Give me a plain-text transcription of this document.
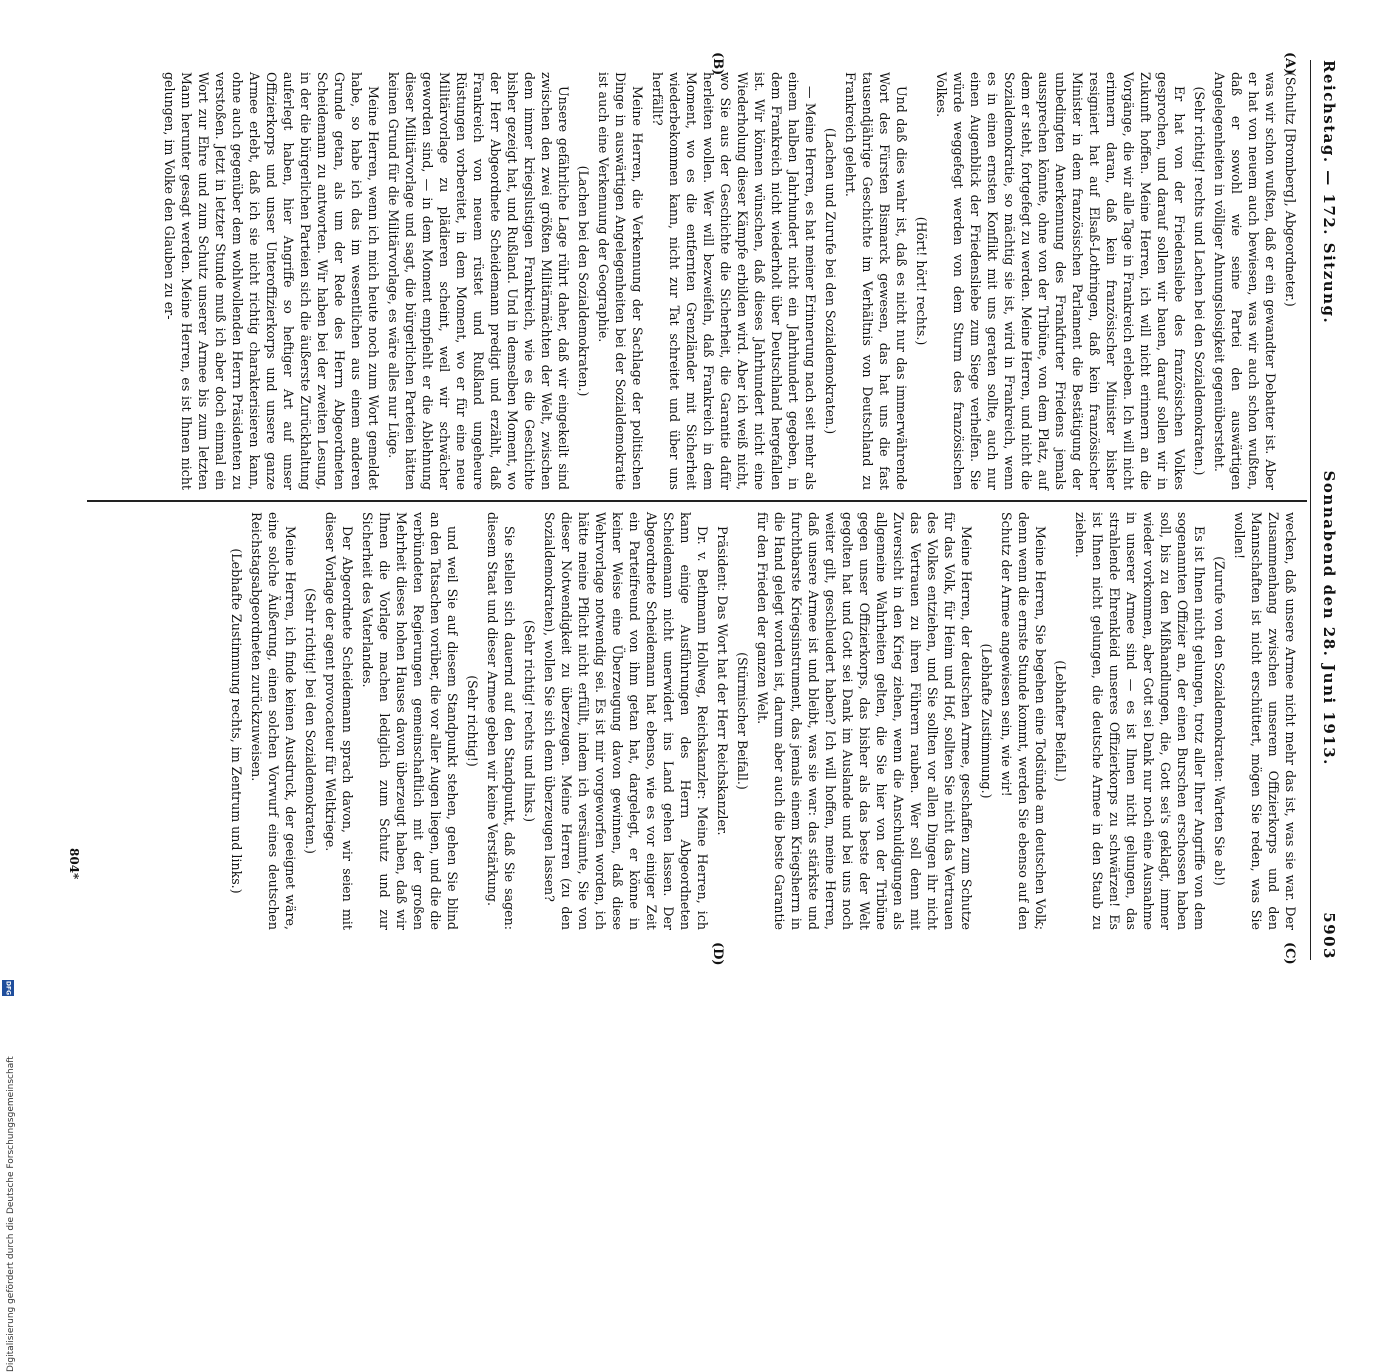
Reichstag. — 172. Sitzung.
Sonnabend den 28. Juni 1913.
5903
(A)
(B)
(C)
(D)

(Schultz [Bromberg], Abgeordneter.)

was wir schon wußten, daß er ein gewandter Debatter ist. Aber er hat von neuem auch bewiesen, was wir auch schon wußten, daß er sowohl wie seine Partei den auswärtigen Angelegenheiten in völliger Ahnungslosigkeit gegenübersteht.

(Sehr richtig! rechts und Lachen bei den Sozialdemokraten.)

Er hat von der Friedensliebe des französischen Volkes gesprochen, und darauf sollen wir bauen, darauf sollen wir in Zukunft hoffen. Meine Herren, ich will nicht erinnern an die Vorgänge, die wir alle Tage in Frankreich erleben. Ich will nicht erinnern daran, daß kein französischer Minister bisher resigniert hat auf Elsaß-Lothringen, daß kein französischer Minister in dem französischen Parlament die Bestätigung der unbedingten Anerkennung des Frankfurter Friedens jemals aussprechen könnte, ohne von der Tribüne, von dem Platz, auf dem er steht, fortgefegt zu werden. Meine Herren, und nicht die Sozialdemokratie, so mächtig sie ist, wird in Frankreich, wenn es in einen ernsten Konflikt mit uns geraten sollte, auch nur einen Augenblick der Friedensliebe zum Siege verhelfen. Sie würde weggefegt werden von dem Sturm des französischen Volkes.

(Hört! hört! rechts.)

Und daß dies wahr ist, daß es nicht nur das immerwährende Wort des Fürsten Bismarck gewesen, das hat uns die fast tausendjährige Geschichte im Verhältnis von Deutschland zu Frankreich gelehrt.

(Lachen und Zurufe bei den Sozialdemokraten.)

— Meine Herren, es hat meiner Erinnerung nach seit mehr als einem halben Jahrhundert nicht ein Jahrhundert gegeben, in dem Frankreich nicht wiederholt über Deutschland hergefallen ist. Wir können wünschen, daß dieses Jahrhundert nicht eine Wiederholung dieser Kämpfe erbilden wird. Aber ich weiß nicht, wo Sie aus der Geschichte die Sicherheit, die Garantie dafür herleiten wollen. Wer will bezweifeln, daß Frankreich in dem Moment, wo es die entfernten Grenzländer mit Sicherheit wiederbekommen kann, nicht zur Tat schreitet und über uns herfällt?

Meine Herren, die Verkennung der Sachlage der politischen Dinge in auswärtigen Angelegenheiten bei der Sozialdemokratie ist auch eine Verkennung der Geographie.

(Lachen bei den Sozialdemokraten.)

Unsere gefährliche Lage rührt daher, daß wir eingekeilt sind zwischen den zwei größten Militärmächten der Welt, zwischen dem immer kriegslustigen Frankreich, wie es die Geschichte bisher gezeigt hat, und Rußland. Und in demselben Moment, wo der Herr Abgeordnete Scheidemann predigt und erzählt, daß Frankreich von neuem rüstet und Rußland ungeheure Rüstungen vorbereitet, in dem Moment, wo er für eine neue Militärvorlage zu plädieren scheint, weil wir schwächer geworden sind, — in dem Moment empfiehlt er die Ablehnung dieser Militärvorlage und sagt, die bürgerlichen Parteien hätten keinen Grund für die Militärvorlage, es wäre alles nur Lüge.

Meine Herren, wenn ich mich heute noch zum Wort gemeldet habe, so habe ich das im wesentlichen aus einem anderen Grunde getan, als um der Rede des Herrn Abgeordneten Scheidemann zu antworten. Wir haben bei der zweiten Lesung, in der die bürgerlichen Parteien sich die äußerste Zurückhaltung auferlegt haben, hier Angriffe so heftiger Art auf unser Offizierkorps und unser Unteroffizierkorps und unsere ganze Armee erlebt, daß ich sie nicht richtig charakterisieren kann, ohne auch gegenüber dem wohlwollenden Herrn Präsidenten zu verstoßen. Jetzt in letzter Stunde muß ich aber doch einmal ein Wort zur Ehre und zum Schutz unserer Armee bis zum letzten Mann herunter gesagt werden. Meine Herren, es ist Ihnen nicht gelungen, im Volke den Glauben zu er-

wecken, daß unsere Armee nicht mehr das ist, was sie war. Der Zusammenhang zwischen unserem Offizierkorps und den Mannschaften ist nicht erschüttert, mögen Sie reden, was Sie wollen!

(Zurufe von den Sozialdemokraten: Warten Sie ab!)

Es ist Ihnen nicht gelungen, trotz aller Ihrer Angriffe von dem sogenannten Offizier an, der einen Burschen erschossen haben soll, bis zu den Mißhandlungen, die, Gott sei's geklagt, immer wieder vorkommen, aber Gott sei Dank nur noch eine Ausnahme in unserer Armee sind — es ist Ihnen nicht gelungen, das strahlende Ehrenkleid unseres Offizierkorps zu schwärzen! Es ist Ihnen nicht gelungen, die deutsche Armee in den Staub zu ziehen.

(Lebhafter Beifall.)

Meine Herren, Sie begehen eine Todsünde am deutschen Volk; denn wenn die ernste Stunde kommt, werden Sie ebenso auf den Schutz der Armee angewiesen sein, wie wir!

(Lebhafte Zustimmung.)

Meine Herren, der deutschen Armee, geschaffen zum Schutze für das Volk, für Heim und Hof, sollten Sie nicht das Vertrauen des Volkes entziehen, und Sie sollten vor allen Dingen ihr nicht das Vertrauen zu ihren Führern rauben. Wer soll denn mit Zuversicht in den Krieg ziehen, wenn die Anschuldigungen als allgemeine Wahrheiten gelten, die Sie hier von der Tribüne gegen unser Offizierkorps, das bisher als das beste der Welt gegolten hat und Gott sei Dank im Auslande und bei uns noch weiter gilt, geschleudert haben? Ich will hoffen, meine Herren, daß unsere Armee ist und bleibt, was sie war: das stärkste und furchtbarste Kriegsinstrument, das jemals einem Kriegsherrn in die Hand gelegt worden ist, darum aber auch die beste Garantie für den Frieden der ganzen Welt.

(Stürmischer Beifall.)

Präsident: Das Wort hat der Herr Reichskanzler.

Dr. v. Bethmann Hollweg, Reichskanzler: Meine Herren, ich kann einige Ausführungen des Herrn Abgeordneten Scheidemann nicht unerwidert ins Land gehen lassen. Der Abgeordnete Scheidemann hat ebenso, wie es vor einiger Zeit ein Parteifreund von ihm getan hat, dargelegt, er könne in keiner Weise eine Überzeugung davon gewinnen, daß diese Wehrvorlage notwendig sei. Es ist mir vorgeworfen worden, ich hätte meine Pflicht nicht erfüllt, indem ich versäumte, Sie von dieser Notwendigkeit zu überzeugen. Meine Herren (zu den Sozialdemokraten), wollen Sie sich denn überzeugen lassen?

(Sehr richtig! rechts und links.)

Sie stellen sich dauernd auf den Standpunkt, daß Sie sagen: diesem Staat und dieser Armee geben wir keine Verstärkung.

(Sehr richtig!)

und weil Sie auf diesem Standpunkt stehen, gehen Sie blind an den Tatsachen vorüber, die vor aller Augen liegen, und die die verbündeten Regierungen gemeinschaftlich mit der großen Mehrheit dieses hohen Hauses davon überzeugt haben, daß wir Ihnen die Vorlage machen lediglich zum Schutz und zur Sicherheit des Vaterlandes.

Der Abgeordnete Scheidemann sprach davon, wir seien mit dieser Vorlage der agent provocateur für Weltkriege.

(Sehr richtig! bei den Sozialdemokraten.)

Meine Herren, ich finde keinen Ausdruck, der geeignet wäre, eine solche Äußerung, einen solchen Vorwurf eines deutschen Reichstagsabgeordneten zurückzuweisen.

(Lebhafte Zustimmung rechts, im Zentrum und links.)

804*
Digitalisierung gefördert durch die Deutsche Forschungsgemeinschaft
DFG
